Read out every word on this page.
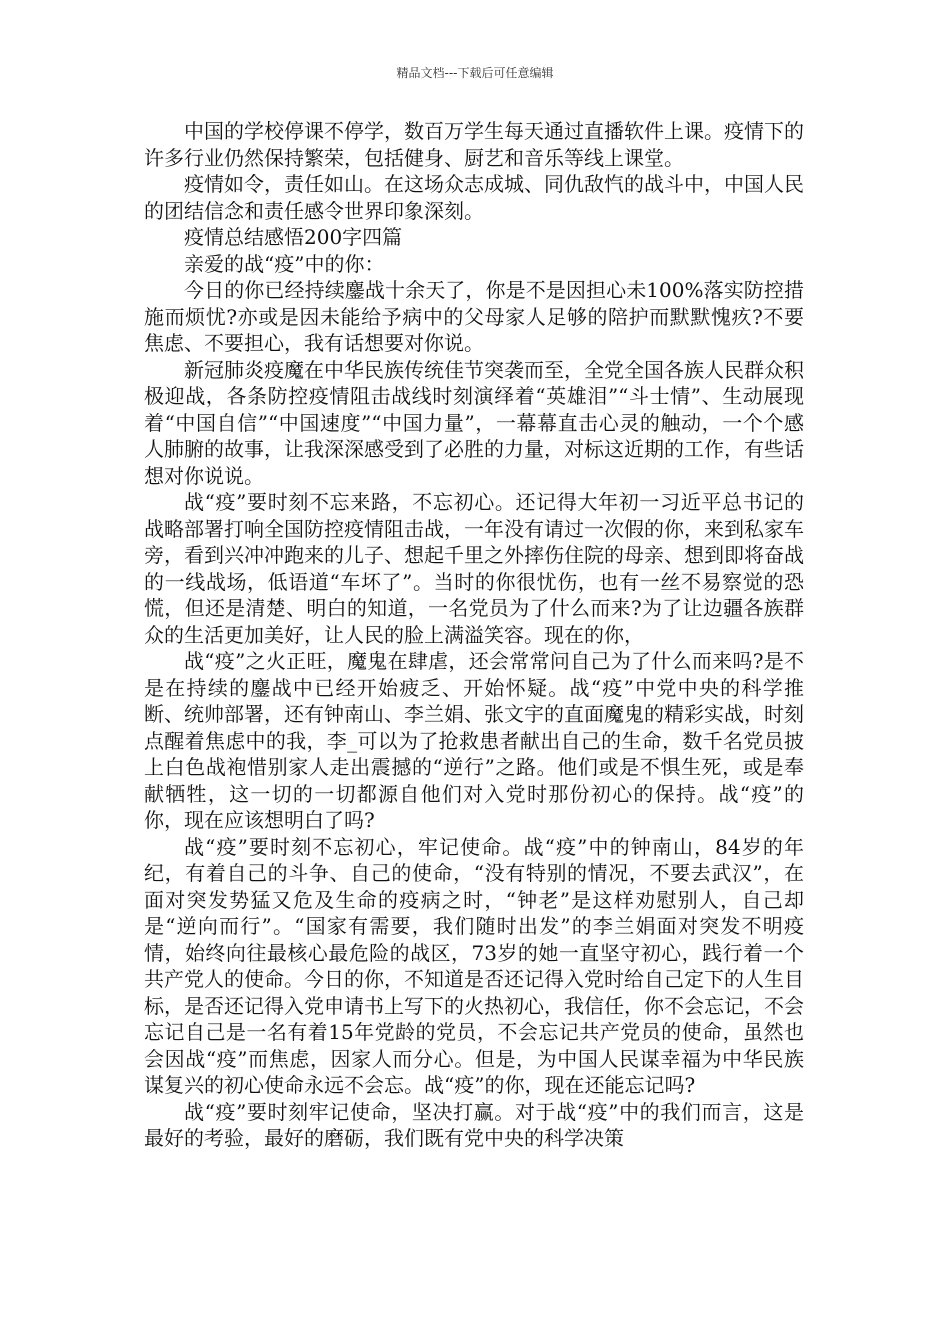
精品文档---下载后可任意编辑

中国的学校停课不停学，数百万学生每天通过直播软件上课。疫情下的许多行业仍然保持繁荣，包括健身、厨艺和音乐等线上课堂。

疫情如令，责任如山。在这场众志成城、同仇敌忾的战斗中，中国人民的团结信念和责任感令世界印象深刻。

疫情总结感悟200字四篇

亲爱的战“疫”中的你：

今日的你已经持续鏖战十余天了，你是不是因担心未100%落实防控措施而烦忧?亦或是因未能给予病中的父母家人足够的陪护而默默愧疚?不要焦虑、不要担心，我有话想要对你说。

新冠肺炎疫魔在中华民族传统佳节突袭而至，全党全国各族人民群众积极迎战，各条防控疫情阻击战线时刻演绎着“英雄泪”“斗士情”、生动展现着“中国自信”“中国速度”“中国力量”，一幕幕直击心灵的触动，一个个感人肺腑的故事，让我深深感受到了必胜的力量，对标这近期的工作，有些话想对你说说。

战“疫”要时刻不忘来路，不忘初心。还记得大年初一习近平总书记的战略部署打响全国防控疫情阻击战，一年没有请过一次假的你，来到私家车旁，看到兴冲冲跑来的儿子、想起千里之外摔伤住院的母亲、想到即将奋战的一线战场，低语道“车坏了”。当时的你很忧伤，也有一丝不易察觉的恐慌，但还是清楚、明白的知道，一名党员为了什么而来?为了让边疆各族群众的生活更加美好，让人民的脸上满溢笑容。现在的你，

战“疫”之火正旺，魔鬼在肆虐，还会常常问自己为了什么而来吗?是不是在持续的鏖战中已经开始疲乏、开始怀疑。战“疫”中党中央的科学推断、统帅部署，还有钟南山、李兰娟、张文宇的直面魔鬼的精彩实战，时刻点醒着焦虑中的我，李_可以为了抢救患者献出自己的生命，数千名党员披上白色战袍惜别家人走出震撼的“逆行”之路。他们或是不惧生死，或是奉献牺牲，这一切的一切都源自他们对入党时那份初心的保持。战“疫”的你，现在应该想明白了吗?

战“疫”要时刻不忘初心，牢记使命。战“疫”中的钟南山，84岁的年纪，有着自己的斗争、自己的使命，“没有特别的情况，不要去武汉”，在面对突发势猛又危及生命的疫病之时，“钟老”是这样劝慰别人，自己却是“逆向而行”。“国家有需要，我们随时出发”的李兰娟面对突发不明疫情，始终向往最核心最危险的战区，73岁的她一直坚守初心，践行着一个共产党人的使命。今日的你，不知道是否还记得入党时给自己定下的人生目标，是否还记得入党申请书上写下的火热初心，我信任，你不会忘记，不会忘记自己是一名有着15年党龄的党员，不会忘记共产党员的使命，虽然也会因战“疫”而焦虑，因家人而分心。但是，为中国人民谋幸福为中华民族谋复兴的初心使命永远不会忘。战“疫”的你，现在还能忘记吗?

战“疫”要时刻牢记使命，坚决打赢。对于战“疫”中的我们而言，这是最好的考验，最好的磨砺，我们既有党中央的科学决策
